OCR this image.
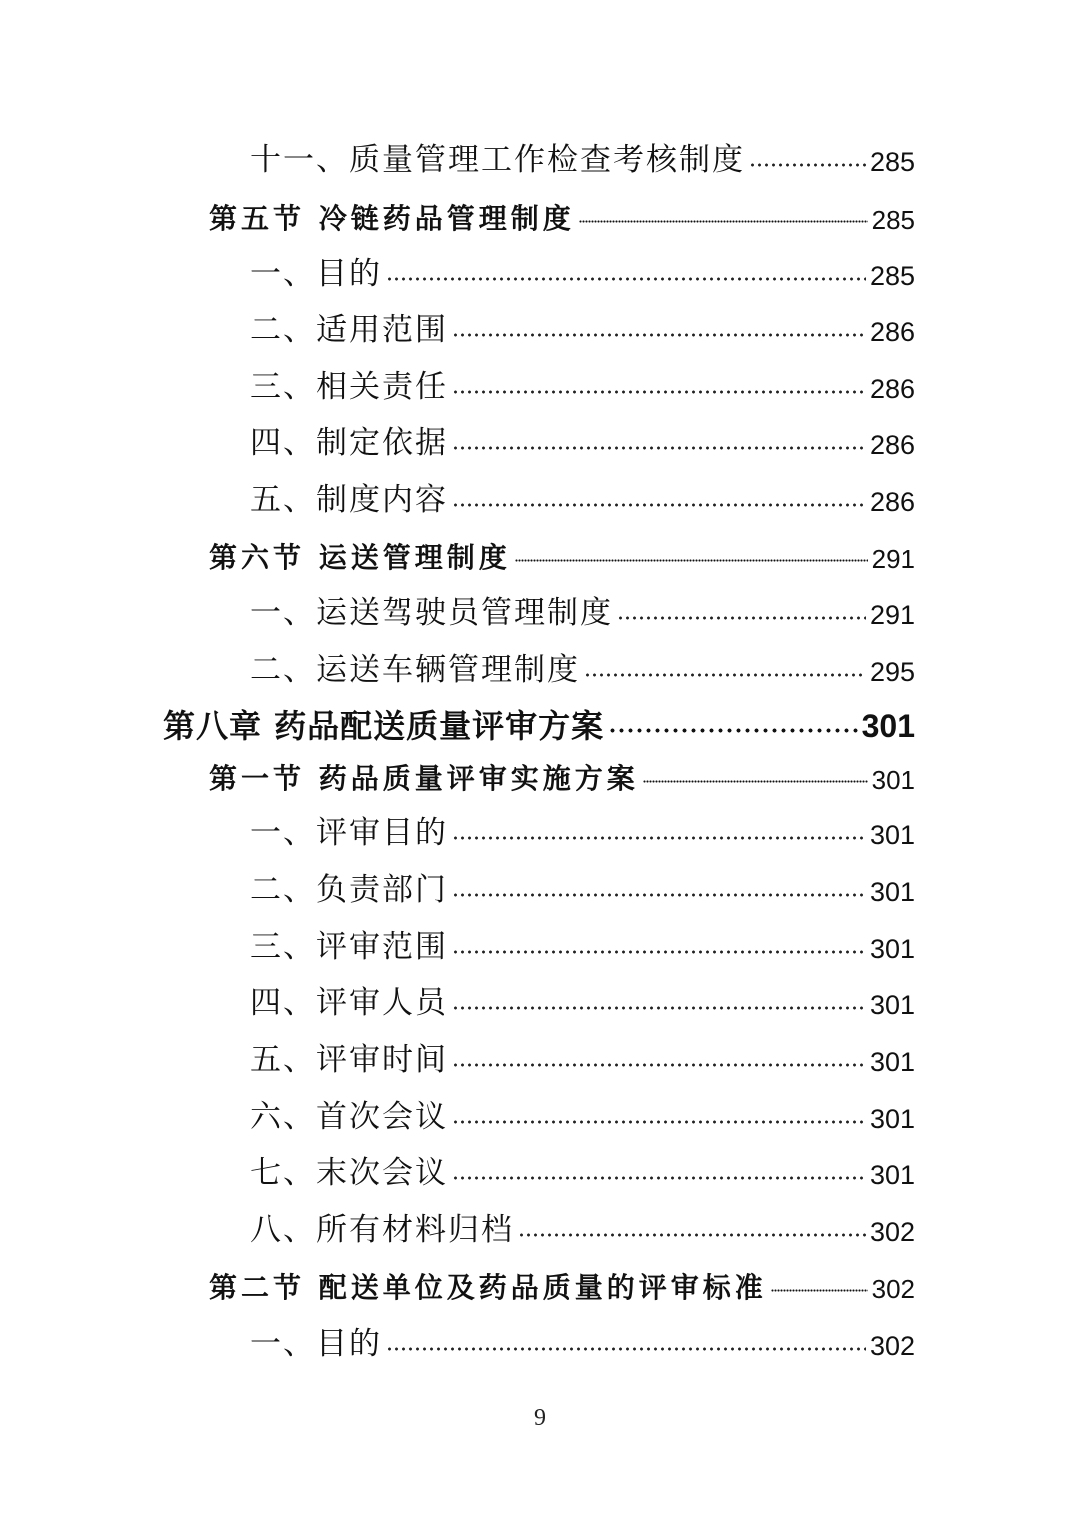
十一、质量管理工作检查考核制度	285
第五节 冷链药品管理制度	285
一、目的	285
二、适用范围	286
三、相关责任	286
四、制定依据	286
五、制度内容	286
第六节 运送管理制度	291
一、运送驾驶员管理制度	291
二、运送车辆管理制度	295
第八章 药品配送质量评审方案	301
第一节 药品质量评审实施方案	301
一、评审目的	301
二、负责部门	301
三、评审范围	301
四、评审人员	301
五、评审时间	301
六、首次会议	301
七、末次会议	301
八、所有材料归档	302
第二节 配送单位及药品质量的评审标准	302
一、目的	302
9
